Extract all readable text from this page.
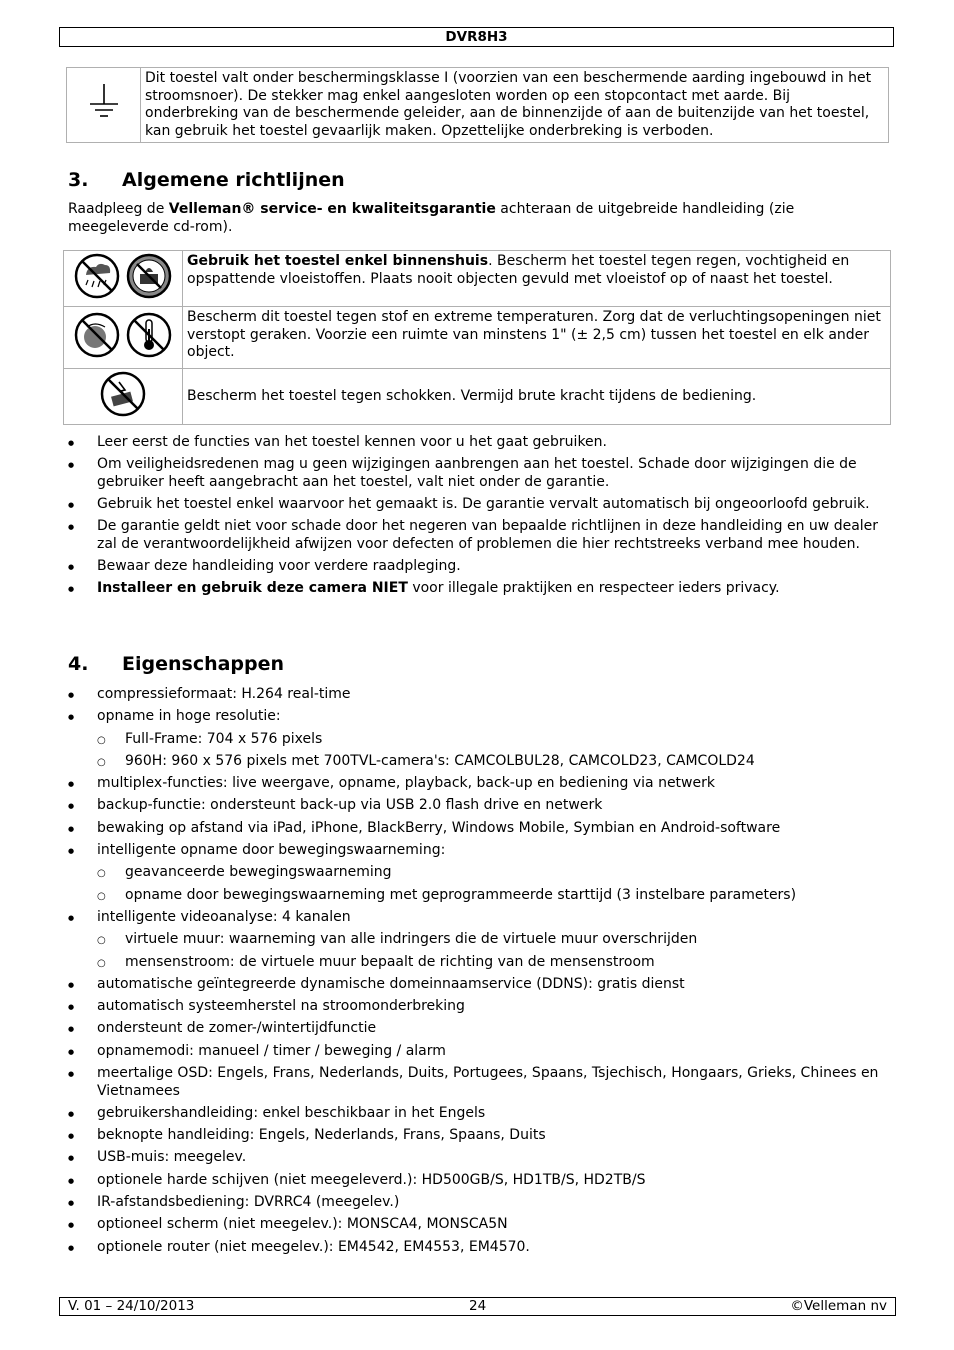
DVR8H3
	Dit toestel valt onder beschermingsklasse I (voorzien van een beschermende aarding ingebouwd in het stroomsnoer). De stekker mag enkel aangesloten worden op een stopcontact met aarde. Bij onderbreking van de beschermende geleider, aan de binnenzijde of aan de buitenzijde van het toestel, kan gebruik het toestel gevaarlijk maken. Opzettelijke onderbreking is verboden.
3. Algemene richtlijnen

Raadpleeg de Velleman® service- en kwaliteitsgarantie achteraan de uitgebreide handleiding (zie meegeleverde cd-rom).

	Gebruik het toestel enkel binnenshuis. Bescherm het toestel tegen regen, vochtigheid en opspattende vloeistoffen. Plaats nooit objecten gevuld met vloeistof op of naast het toestel.
	Bescherm dit toestel tegen stof en extreme temperaturen. Zorg dat de verluchtingsopeningen niet verstopt geraken. Voorzie een ruimte van minstens 1" (± 2,5 cm) tussen het toestel en elk ander object.
	Bescherm het toestel tegen schokken. Vermijd brute kracht tijdens de bediening.
● Leer eerst de functies van het toestel kennen voor u het gaat gebruiken.
● Om veiligheidsredenen mag u geen wijzigingen aanbrengen aan het toestel. Schade door wijzigingen die de gebruiker heeft aangebracht aan het toestel, valt niet onder de garantie.
● Gebruik het toestel enkel waarvoor het gemaakt is. De garantie vervalt automatisch bij ongeoorloofd gebruik.
● De garantie geldt niet voor schade door het negeren van bepaalde richtlijnen in deze handleiding en uw dealer zal de verantwoordelijkheid afwijzen voor defecten of problemen die hier rechtstreeks verband mee houden.
● Bewaar deze handleiding voor verdere raadpleging.
● Installeer en gebruik deze camera NIET voor illegale praktijken en respecteer ieders privacy.
4. Eigenschappen
● compressieformaat: H.264 real-time
● opname in hoge resolutie:
○ Full-Frame: 704 x 576 pixels
○ 960H: 960 x 576 pixels met 700TVL-camera's: CAMCOLBUL28, CAMCOLD23, CAMCOLD24
● multiplex-functies: live weergave, opname, playback, back-up en bediening via netwerk
● backup-functie: ondersteunt back-up via USB 2.0 flash drive en netwerk
● bewaking op afstand via iPad, iPhone, BlackBerry, Windows Mobile, Symbian en Android-software
● intelligente opname door bewegingswaarneming:
○ geavanceerde bewegingswaarneming
○ opname door bewegingswaarneming met geprogrammeerde starttijd (3 instelbare parameters)
● intelligente videoanalyse: 4 kanalen
○ virtuele muur: waarneming van alle indringers die de virtuele muur overschrijden
○ mensenstroom: de virtuele muur bepaalt de richting van de mensenstroom
● automatische geïntegreerde dynamische domeinnaamservice (DDNS): gratis dienst
● automatisch systeemherstel na stroomonderbreking
● ondersteunt de zomer-/wintertijdfunctie
● opnamemodi: manueel / timer / beweging / alarm
● meertalige OSD: Engels, Frans, Nederlands, Duits, Portugees, Spaans, Tsjechisch, Hongaars, Grieks, Chinees en Vietnamees
● gebruikershandleiding: enkel beschikbaar in het Engels
● beknopte handleiding: Engels, Nederlands, Frans, Spaans, Duits
● USB-muis: meegelev.
● optionele harde schijven (niet meegeleverd.): HD500GB/S, HD1TB/S, HD2TB/S
● IR-afstandsbediening: DVRRC4 (meegelev.)
● optioneel scherm (niet meegelev.): MONSCA4, MONSCA5N
● optionele router (niet meegelev.): EM4542, EM4553, EM4570.
V. 01 – 24/10/2013	24	©Velleman nv
